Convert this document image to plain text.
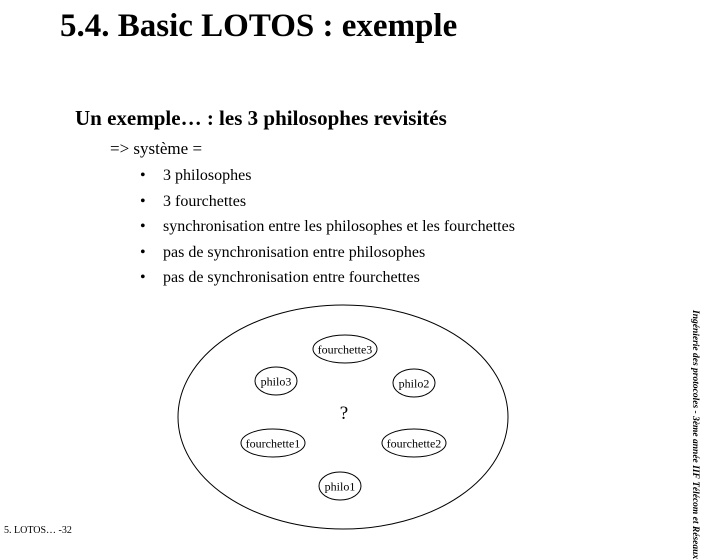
5.4. Basic LOTOS : exemple
Un exemple… : les 3 philosophes revisités
=> système =
• 3 philosophes
• 3 fourchettes
• synchronisation entre les philosophes et les fourchettes
• pas de synchronisation entre philosophes
• pas de synchronisation entre fourchettes
fourchette3
philo3	philo2
?
fourchette1	fourchette2
philo1	Ingénierie des protocoles - 3ème année IIF Télécom et Réseaux
5. LOTOS… -32
